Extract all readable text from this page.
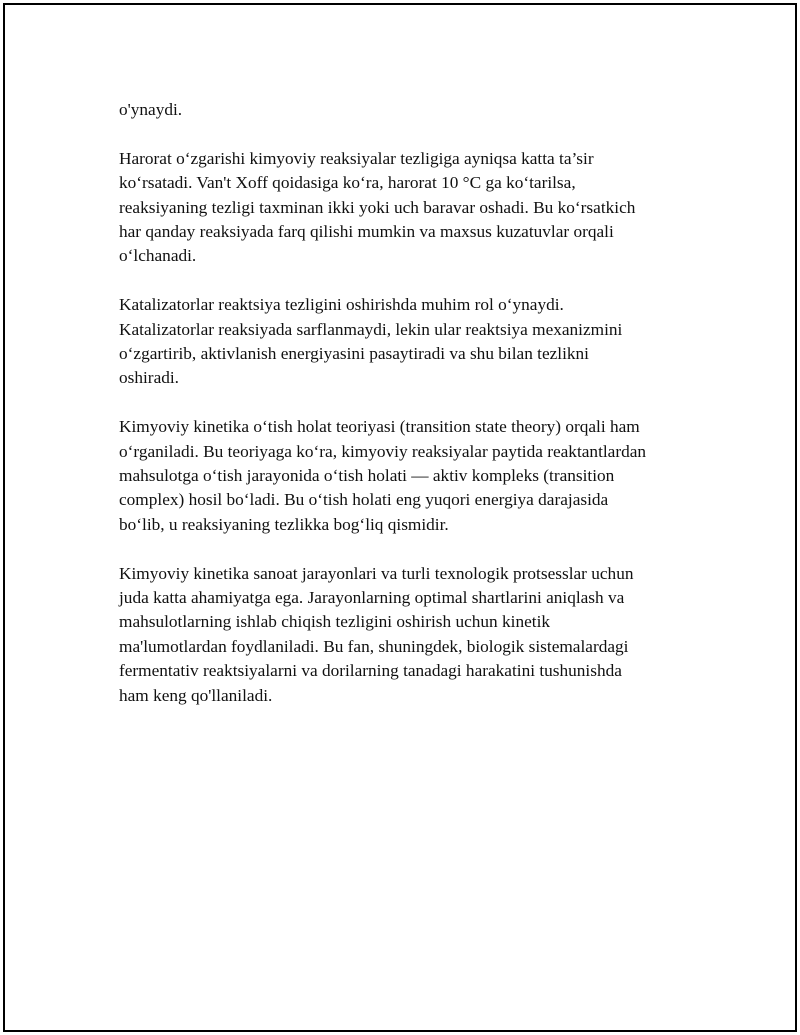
o'ynaydi.

Harorat o‘zgarishi kimyoviy reaksiyalar tezligiga ayniqsa katta ta’sir
ko‘rsatadi. Van't Xoff qoidasiga ko‘ra, harorat 10 °C ga ko‘tarilsa,
reaksiyaning tezligi taxminan ikki yoki uch baravar oshadi. Bu ko‘rsatkich
har qanday reaksiyada farq qilishi mumkin va maxsus kuzatuvlar orqali
o‘lchanadi.

Katalizatorlar reaktsiya tezligini oshirishda muhim rol o‘ynaydi.
Katalizatorlar reaksiyada sarflanmaydi, lekin ular reaktsiya mexanizmini
o‘zgartirib, aktivlanish energiyasini pasaytiradi va shu bilan tezlikni
oshiradi.

Kimyoviy kinetika o‘tish holat teoriyasi (transition state theory) orqali ham
o‘rganiladi. Bu teoriyaga ko‘ra, kimyoviy reaksiyalar paytida reaktantlardan
mahsulotga o‘tish jarayonida o‘tish holati — aktiv kompleks (transition
complex) hosil bo‘ladi. Bu o‘tish holati eng yuqori energiya darajasida
bo‘lib, u reaksiyaning tezlikka bog‘liq qismidir.

Kimyoviy kinetika sanoat jarayonlari va turli texnologik protsesslar uchun
juda katta ahamiyatga ega. Jarayonlarning optimal shartlarini aniqlash va
mahsulotlarning ishlab chiqish tezligini oshirish uchun kinetik
ma'lumotlardan foydlaniladi. Bu fan, shuningdek, biologik sistemalardagi
fermentativ reaktsiyalarni va dorilarning tanadagi harakatini tushunishda
ham keng qo'llaniladi.
